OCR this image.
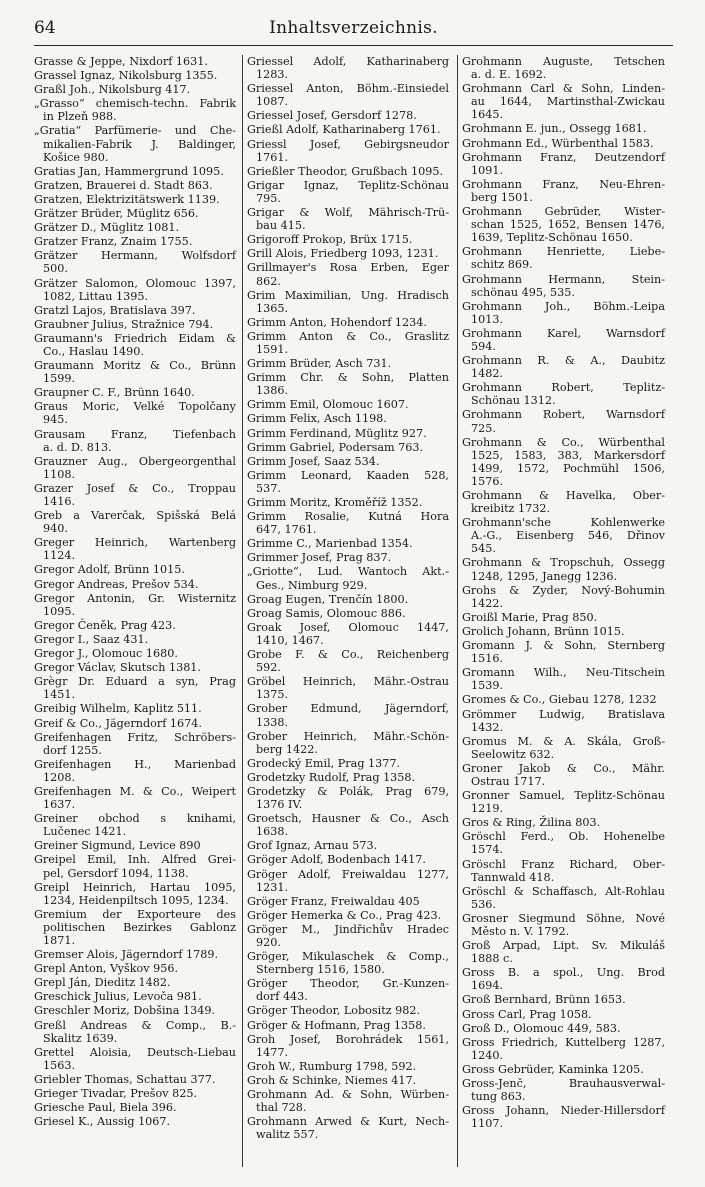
64	Inhaltsverzeichnis.
Grasse & Jeppe, Nixdorf 1631.
Grassel Ignaz, Nikolsburg 1355.
Graßl Joh., Nikolsburg 417.
„Grasso“ chemisch-techn. Fabrik
in Plzeň 988.
„Gratia“ Parfümerie- und Che-
mikalien-Fabrik J. Baldinger,
Košice 980.
Gratias Jan, Hammergrund 1095.
Gratzen, Brauerei d. Stadt 863.
Gratzen, Elektrizitätswerk 1139.
Grätzer Brüder, Müglitz 656.
Grätzer D., Müglitz 1081.
Gratzer Franz, Znaim 1755.
Grätzer Hermann, Wolfsdorf
500.
Grätzer Salomon, Olomouc 1397,
1082, Littau 1395.
Gratzl Lajos, Bratislava 397.
Graubner Julius, Stražnice 794.
Graumann's Friedrich Eidam &
Co., Haslau 1490.
Graumann Moritz & Co., Brünn
1599.
Graupner C. F., Brünn 1640.
Graus Moric, Velké Topolčany
945.
Grausam Franz, Tiefenbach
a. d. D. 813.
Grauzner Aug., Obergeorgenthal
1108.
Grazer Josef & Co., Troppau
1416.
Greb a Varerčak, Spišská Belá
940.
Greger Heinrich, Wartenberg
1124.
Gregor Adolf, Brünn 1015.
Gregor Andreas, Prešov 534.
Gregor Antonin, Gr. Wisternitz
1095.
Gregor Čeněk, Prag 423.
Gregor I., Saaz 431.
Gregor J., Olomouc 1680.
Gregor Václav, Skutsch 1381.
Grègr Dr. Eduard a syn, Prag
1451.
Greibig Wilhelm, Kaplitz 511.
Greif & Co., Jägerndorf 1674.
Greifenhagen Fritz, Schröbers-
dorf 1255.
Greifenhagen H., Marienbad
1208.
Greifenhagen M. & Co., Weipert
1637.
Greiner obchod s knihami,
Lučenec 1421.
Greiner Sigmund, Levice 890
Greipel Emil, Inh. Alfred Grei-
pel, Gersdorf 1094, 1138.
Greipl Heinrich, Hartau 1095,
1234, Heidenpiltsch 1095, 1234.
Gremium der Exporteure des
politischen Bezirkes Gablonz
1871.
Gremser Alois, Jägerndorf 1789.
Grepl Anton, Vyškov 956.
Grepl Ján, Dieditz 1482.
Greschick Julius, Levoča 981.
Greschler Moriz, Dobšina 1349.
Greßl Andreas & Comp., B.-
Skalitz 1639.
Grettel Aloisia, Deutsch-Liebau
1563.
Griebler Thomas, Schattau 377.
Grieger Tivadar, Prešov 825.
Griesche Paul, Biela 396.
Griesel K., Aussig 1067.
Griessel Adolf, Katharinaberg
1283.
Griessel Anton, Böhm.-Einsiedel
1087.
Griessel Josef, Gersdorf 1278.
Grießl Adolf, Katharinaberg 1761.
Griessl Josef, Gebirgsneudor
1761.
Grießler Theodor, Grußbach 1095.
Grigar Ignaz, Teplitz-Schönau
795.
Grigar & Wolf, Mährisch-Trü-
bau 415.
Grigoroff Prokop, Brüx 1715.
Grill Alois, Friedberg 1093, 1231.
Grillmayer's Rosa Erben, Eger
862.
Grim Maximilian, Ung. Hradisch
1365.
Grimm Anton, Hohendorf 1234.
Grimm Anton & Co., Graslitz
1591.
Grimm Brüder, Asch 731.
Grimm Chr. & Sohn, Platten
1386.
Grimm Emil, Olomouc 1607.
Grimm Felix, Asch 1198.
Grimm Ferdinand, Müglitz 927.
Grimm Gabriel, Podersam 763.
Grimm Josef, Saaz 534.
Grimm Leonard, Kaaden 528,
537.
Grimm Moritz, Kroměříž 1352.
Grimm Rosalie, Kutná Hora
647, 1761.
Grimme C., Marienbad 1354.
Grimmer Josef, Prag 837.
„Griotte“, Lud. Wantoch Akt.-
Ges., Nimburg 929.
Groag Eugen, Trenčín 1800.
Groag Samis, Olomouc 886.
Groak Josef, Olomouc 1447,
1410, 1467.
Grobe F. & Co., Reichenberg
592.
Gröbel Heinrich, Mähr.-Ostrau
1375.
Grober Edmund, Jägerndorf,
1338.
Grober Heinrich, Mähr.-Schön-
berg 1422.
Grodecký Emil, Prag 1377.
Grodetzky Rudolf, Prag 1358.
Grodetzky & Polák, Prag 679,
1376 IV.
Groetsch, Hausner & Co., Asch
1638.
Grof Ignaz, Arnau 573.
Gröger Adolf, Bodenbach 1417.
Gröger Adolf, Freiwaldau 1277,
1231.
Gröger Franz, Freiwaldau 405
Gröger Hemerka & Co., Prag 423.
Gröger M., Jindřichův Hradec
920.
Gröger, Mikulaschek & Comp.,
Sternberg 1516, 1580.
Gröger Theodor, Gr.-Kunzen-
dorf 443.
Gröger Theodor, Lobositz 982.
Gröger & Hofmann, Prag 1358.
Groh Josef, Borohrádek 1561,
1477.
Groh W., Rumburg 1798, 592.
Groh & Schinke, Niemes 417.
Grohmann Ad. & Sohn, Würben-
thal 728.
Grohmann Arwed & Kurt, Nech-
walitz 557.
Grohmann Auguste, Tetschen
a. d. E. 1692.
Grohmann Carl & Sohn, Linden-
au 1644, Martinsthal-Zwickau
1645.
Grohmann E. jun., Ossegg 1681.
Grohmann Ed., Würbenthal 1583.
Grohmann Franz, Deutzendorf
1091.
Grohmann Franz, Neu-Ehren-
berg 1501.
Grohmann Gebrüder, Wister-
schan 1525, 1652, Bensen 1476,
1639, Teplitz-Schönau 1650.
Grohmann Henriette, Liebe-
schitz 869.
Grohmann Hermann, Stein-
schönau 495, 535.
Grohmann Joh., Böhm.-Leipa
1013.
Grohmann Karel, Warnsdorf
594.
Grohmann R. & A., Daubitz
1482.
Grohmann Robert, Teplitz-
Schönau 1312.
Grohmann Robert, Warnsdorf
725.
Grohmann & Co., Würbenthal
1525, 1583, 383, Markersdorf
1499, 1572, Pochmühl 1506,
1576.
Grohmann & Havelka, Ober-
kreibitz 1732.
Grohmann'sche Kohlenwerke
A.-G., Eisenberg 546, Dřinov
545.
Grohmann & Tropschuh, Ossegg
1248, 1295, Janegg 1236.
Grohs & Zyder, Nový-Bohumin
1422.
Groißl Marie, Prag 850.
Grolich Johann, Brünn 1015.
Gromann J. & Sohn, Sternberg
1516.
Gromann Wilh., Neu-Titschein
1539.
Gromes & Co., Giebau 1278, 1232
Grömmer Ludwig, Bratislava
1432.
Gromus M. & A. Skála, Groß-
Seelowitz 632.
Groner Jakob & Co., Mähr.
Ostrau 1717.
Gronner Samuel, Teplitz-Schönau
1219.
Gros & Ring, Žilina 803.
Gröschl Ferd., Ob. Hohenelbe
1574.
Gröschl Franz Richard, Ober-
Tannwald 418.
Gröschl & Schaffasch, Alt-Rohlau
536.
Grosner Siegmund Söhne, Nové
Město n. V. 1792.
Groß Arpad, Lipt. Sv. Mikuláš
1888 c.
Gross B. a spol., Ung. Brod
1694.
Groß Bernhard, Brünn 1653.
Gross Carl, Prag 1058.
Groß D., Olomouc 449, 583.
Gross Friedrich, Kuttelberg 1287,
1240.
Gross Gebrüder, Kaminka 1205.
Gross-Jenč, Brauhausverwal-
tung 863.
Gross Johann, Nieder-Hillersdorf
1107.
